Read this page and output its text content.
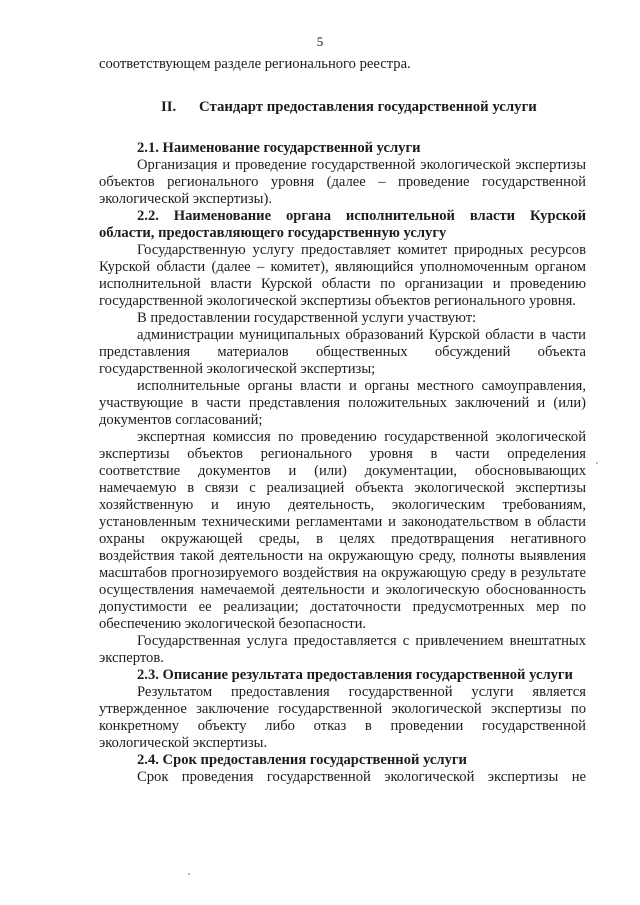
5

соответствующем разделе регионального реестра.

II. Стандарт предоставления государственной услуги

2.1. Наименование государственной услуги

Организация и проведение государственной экологической экспертизы объектов регионального уровня (далее – проведение государственной экологической экспертизы).

2.2. Наименование органа исполнительной власти Курской области, предоставляющего государственную услугу

Государственную услугу предоставляет комитет природных ресурсов Курской области (далее – комитет), являющийся уполномоченным органом исполнительной власти Курской области по организации и проведению государственной экологической экспертизы объектов регионального уровня.

В предоставлении государственной услуги участвуют:

администрации муниципальных образований Курской области в части представления материалов общественных обсуждений объекта государственной экологической экспертизы;

исполнительные органы власти и органы местного самоуправления, участвующие в части представления положительных заключений и (или) документов согласований;

экспертная комиссия по проведению государственной экологической экспертизы объектов регионального уровня в части определения соответствие документов и (или) документации, обосновывающих намечаемую в связи с реализацией объекта экологической экспертизы хозяйственную и иную деятельность, экологическим требованиям, установленным техническими регламентами и законодательством в области охраны окружающей среды, в целях предотвращения негативного воздействия такой деятельности на окружающую среду, полноты выявления масштабов прогнозируемого воздействия на окружающую среду в результате осуществления намечаемой деятельности и экологическую обоснованность допустимости ее реализации; достаточности предусмотренных мер по обеспечению экологической безопасности.

Государственная услуга предоставляется с привлечением внештатных экспертов.

2.3. Описание результата предоставления государственной услуги

Результатом предоставления государственной услуги является утвержденное заключение государственной экологической экспертизы по конкретному объекту либо отказ в проведении государственной экологической экспертизы.

2.4. Срок предоставления государственной услуги

Срок проведения государственной экологической экспертизы не
